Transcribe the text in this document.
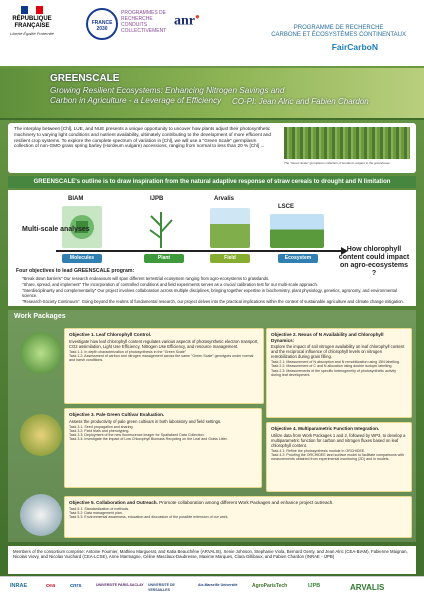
RÉPUBLIQUE
FRANÇAISE
Liberté Égalité Fraternité
FRANCE 2030
PROGRAMMES DE RECHERCHE CONDUITS COLLECTIVEMENT
anr●
PROGRAMME DE RECHERCHE
CARBONE ET ÉCOSYSTÈMES CONTINENTAUX
FairCarboN
GREENSCALE
Growing Resilient Ecosystems: Enhancing Nitrogen Savings and Carbon in Agriculture - a Leverage of Efficiency	CO-PI: Jean Alric and Fabien Chardon
The interplay between [Chl], LUE, and NUE presents a unique opportunity to uncover how plants adjust their photosynthetic machinery to varying light conditions and nutrient availability, ultimately contributing to the development of more efficient and resilient crop systems. To explore the complete spectrum of variation in [Chl], we will use a "Green Scale" germplasm collection of non-GMO grass spring barley (Hordeum vulgare) accessions, ranging from normal to less than 20 % [Chl] ...
The "Green Scale" germplasm collection of Hordeum vulgare in the greenhouse
GREENSCALE's outline is to draw inspiration from the natural adaptive response of straw cereals to drought and N limitation
BIAM	IJPB	Arvalis
LSCE
Multi-scale analyses
Molecules	Plant	Field	Ecosystem
How chlorophyll content could impact on agro-ecosystems ?
Four objectives to lead GREENSCALE program:
"Break down barriers" Our research endeavours will span different terrestrial ecosystem ranging from agro-ecosystems to grasslands.
"Share, spread, and implement" The incorporation of controlled conditions and field experiments serves as a crucial calibration test for our multi-scale approach.
"Interdisciplinarity and complementarity" Our project involves collaboration across multiple disciplines, bringing together expertise in biochemistry, plant physiology, genetics, agronomy, and environmental science.
"Research-Society Continuum". Going beyond the realms of fundamental research, our project delves into the practical implications within the context of sustainable agriculture and climate change mitigation.
Work Packages
Objective 1. Leaf Chlorophyll Control.
Investigate how leaf chlorophyll content regulates various aspects of photosynthetic electron transport, CO2 assimilation, Light Use Efficiency, Nitrogen Use Efficiency, and resource management.
Task 1.1: In depth characterization of photosynthesis in the "Green Scale"
Task 1.2: Assessment of carbon and nitrogen management across the same "Green Scale" genotypes under normal and harsh conditions.
Objective 2. Nexus of N Availability and Chlorophyll Dynamics:
Explore the impact of soil nitrogen availability on leaf chlorophyll content and the reciprocal influence of chlorophyll levels on nitrogen remobilization during grain filling.
Task 2.1: Measurement of N absorption and N remobilization using 15N labelling.
Task 2.2: Measurement of C and N allocation using double isotopic labelling.
Task 2.3: Measurements of the specific heterogeneity of photosynthetic activity during leaf development.
Objective 3. Pale Green Cultivar Evaluation.
Assess the productivity of pale green cultivars in both laboratory and field settings.
Task 3.1: Seed propagation and sharing.
Task 3.2: Field trials and phenotyping.
Task 3.3: Deployment of the new fluorescence imager for Spatialized Data Collection.
Task 3.4: Investigate the impact of Low Chlorophyll Biomass Recycling on the Leaf and Grass Litter.
Objective 4. Multiparametric Function Integration.
Utilize data from Work Packages 1 and 2, followed by WP3, to develop a multiparametric function for carbon and nitrogen fluxes based on leaf chlorophyll content.
Task 4.1: Refine the photosynthesis module in ORCHIDEE.
Task 4.2: Proofing the ORCHIDEE land surface model to facilitate comparisons with measurements obtained from experimental monitoring (2D) and in models.
Objective 5. Collaboration and Outreach. Promote collaboration among different Work Packages and enhance project outreach.
Task 5.1: Standardization of methods.
Task 5.2: Data management plan.
Task 5.3: Environmental awareness, education and discussion of the possible extension of our work.
Members of the consortium comprise: Antoine Fournier, Mathieu Marguerat, and Katia Beauchêne (ARVALIS), Xenie Johnson, Stephanie Viola, Bernard Genty, and Jean Alric (CEA-BIAM), Fabienne Maignan, Nicolas Viovy, and Nicolas Vuichard (CEA-LCSE), Anne Marmagne, Céline Masclaux-Daubresse, Maxime Marques, Clara Gillibaux, and Fabien Chardon (INRAE - IJPB)
INRAE	cea	cnrs	UNIVERSITÉ PARIS-SACLAY UNIVERSITÉ DE VERSAILLES
Aix-Marseille Université	AgroParisTech	IJPB	ARVALIS
